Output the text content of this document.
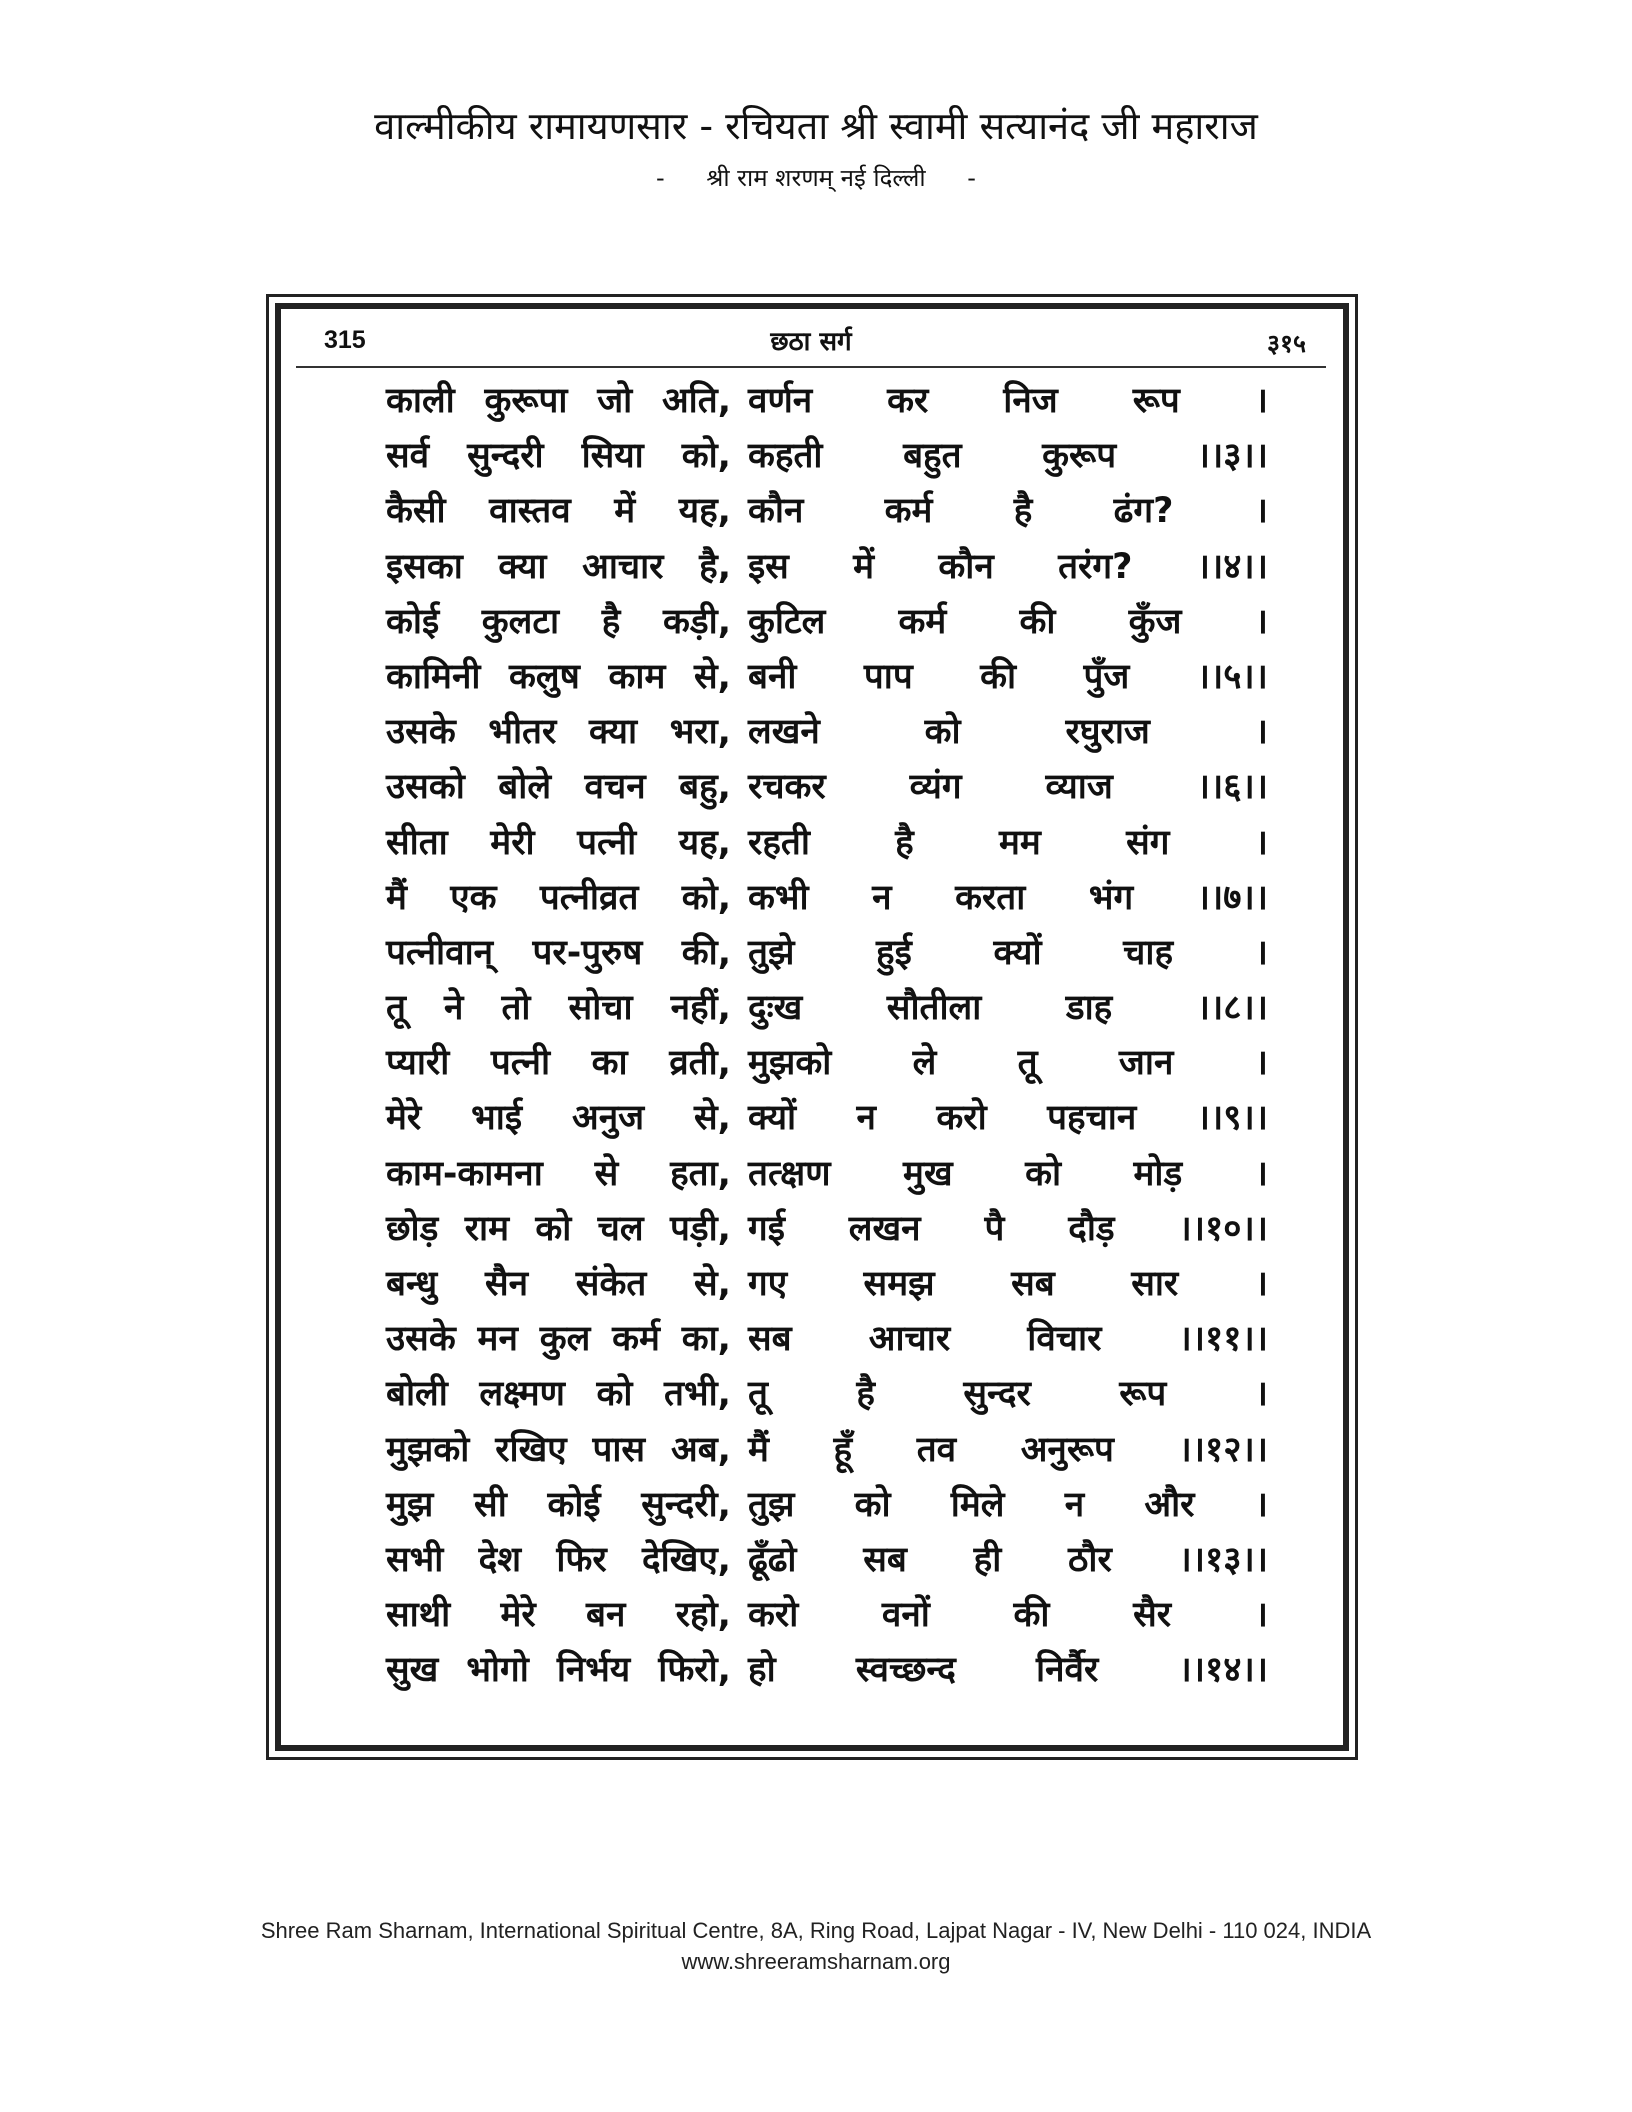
वाल्मीकीय रामायणसार - रचियता श्री स्वामी सत्यानंद जी महाराज
- श्री राम शरणम् नई दिल्ली -
315	छठा सर्ग	३१५
काली कुरूपा जो अति, वर्णन कर निज रूप ।
सर्व सुन्दरी सिया को, कहती बहुत कुरूप ।।३।।
कैसी वास्तव में यह, कौन कर्म है ढंग? ।
इसका क्या आचार है, इस में कौन तरंग? ।।४।।
कोई कुलटा है कड़ी, कुटिल कर्म की कुँज ।
कामिनी कलुष काम से, बनी पाप की पुँज ।।५।।
उसके भीतर क्या भरा, लखने	को	रघुराज	।
उसको बोले वचन बहु, रचकर व्यंग व्याज ।।६।।
सीता मेरी पत्नी यह, रहती है मम संग ।
मैं एक पत्नीव्रत को, कभी न करता भंग ।।७।।
पत्नीवान् पर-पुरुष की, तुझे हुई क्यों चाह ।
तू ने तो सोचा नहीं, दुःख सौतीला डाह ।।८।।
प्यारी पत्नी का व्रती, मुझको ले तू जान ।
मेरे भाई अनुज से, क्यों न करो पहचान ।।९।।
काम-कामना से हता, तत्क्षण मुख को मोड़ ।
छोड़ राम को चल पड़ी, गई लखन पै दौड़ ।।१०।।
बन्धु सैन संकेत से, गए समझ सब सार ।
उसके मन कुल कर्म का, सब आचार विचार ।।११।।
बोली लक्ष्मण को तभी, तू	है	सुन्दर	रूप	।
मुझको रखिए पास अब, मैं हूँ तव अनुरूप ।।१२।।
मुझ सी कोई सुन्दरी, तुझ को मिले न और ।
सभी देश फिर देखिए, ढूँढो सब ही ठौर ।।१३।।
साथी मेरे बन रहो, करो वनों की सैर ।
सुख भोगो निर्भय फिरो, हो स्वच्छन्द निर्वैर ।।१४।।
Shree Ram Sharnam, International Spiritual Centre, 8A, Ring Road, Lajpat Nagar - IV, New Delhi - 110 024, INDIA
www.shreeramsharnam.org
